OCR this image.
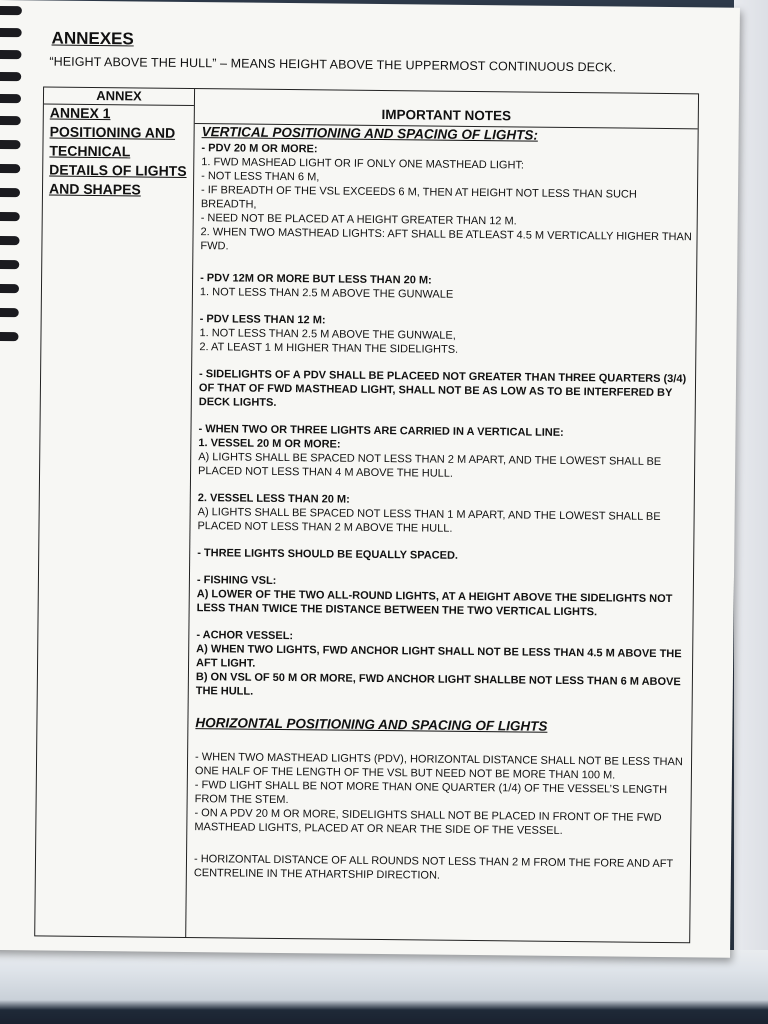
ANNEXES
“HEIGHT ABOVE THE HULL” – MEANS HEIGHT ABOVE THE UPPERMOST CONTINUOUS DECK.
ANNEX
IMPORTANT NOTES
ANNEX 1
POSITIONING AND
TECHNICAL
DETAILS OF LIGHTS
AND SHAPES

VERTICAL POSITIONING AND SPACING OF LIGHTS:

- PDV 20 M OR MORE:

1. FWD MASHEAD LIGHT OR IF ONLY ONE MASTHEAD LIGHT:

- NOT LESS THAN 6 M,

- IF BREADTH OF THE VSL EXCEEDS 6 M, THEN AT HEIGHT NOT LESS THAN SUCH BREADTH,

- NEED NOT BE PLACED AT A HEIGHT GREATER THAN 12 M.

2. WHEN TWO MASTHEAD LIGHTS: AFT SHALL BE ATLEAST 4.5 M VERTICALLY HIGHER THAN

FWD.

- PDV 12M OR MORE BUT LESS THAN 20 M:

1. NOT LESS THAN 2.5 M ABOVE THE GUNWALE

- PDV LESS THAN 12 M:

1. NOT LESS THAN 2.5 M ABOVE THE GUNWALE,

2. AT LEAST 1 M HIGHER THAN THE SIDELIGHTS.

- SIDELIGHTS OF A PDV SHALL BE PLACEED NOT GREATER THAN THREE QUARTERS (3/4)

OF THAT OF FWD MASTHEAD LIGHT, SHALL NOT BE AS LOW AS TO BE INTERFERED BY

DECK LIGHTS.

- WHEN TWO OR THREE LIGHTS ARE CARRIED IN A VERTICAL LINE:

1. VESSEL 20 M OR MORE:

A) LIGHTS SHALL BE SPACED NOT LESS THAN 2 M APART, AND THE LOWEST SHALL BE

PLACED NOT LESS THAN 4 M ABOVE THE HULL.

2. VESSEL LESS THAN 20 M:

A) LIGHTS SHALL BE SPACED NOT LESS THAN 1 M APART, AND THE LOWEST SHALL BE

PLACED NOT LESS THAN 2 M ABOVE THE HULL.

- THREE LIGHTS SHOULD BE EQUALLY SPACED.

- FISHING VSL:

A) LOWER OF THE TWO ALL-ROUND LIGHTS, AT A HEIGHT ABOVE THE SIDELIGHTS NOT

LESS THAN TWICE THE DISTANCE BETWEEN THE TWO VERTICAL LIGHTS.

- ACHOR VESSEL:

A) WHEN TWO LIGHTS, FWD ANCHOR LIGHT SHALL NOT BE LESS THAN 4.5 M ABOVE THE

AFT LIGHT.

B) ON VSL OF 50 M OR MORE, FWD ANCHOR LIGHT SHALLBE NOT LESS THAN 6 M ABOVE

THE HULL.

HORIZONTAL POSITIONING AND SPACING OF LIGHTS

- WHEN TWO MASTHEAD LIGHTS (PDV), HORIZONTAL DISTANCE SHALL NOT BE LESS THAN

ONE HALF OF THE LENGTH OF THE VSL BUT NEED NOT BE MORE THAN 100 M.

- FWD LIGHT SHALL BE NOT MORE THAN ONE QUARTER (1/4) OF THE VESSEL’S LENGTH

FROM THE STEM.

- ON A PDV 20 M OR MORE, SIDELIGHTS SHALL NOT BE PLACED IN FRONT OF THE FWD

MASTHEAD LIGHTS, PLACED AT OR NEAR THE SIDE OF THE VESSEL.

- HORIZONTAL DISTANCE OF ALL ROUNDS NOT LESS THAN 2 M FROM THE FORE AND AFT

CENTRELINE IN THE ATHARTSHIP DIRECTION.
